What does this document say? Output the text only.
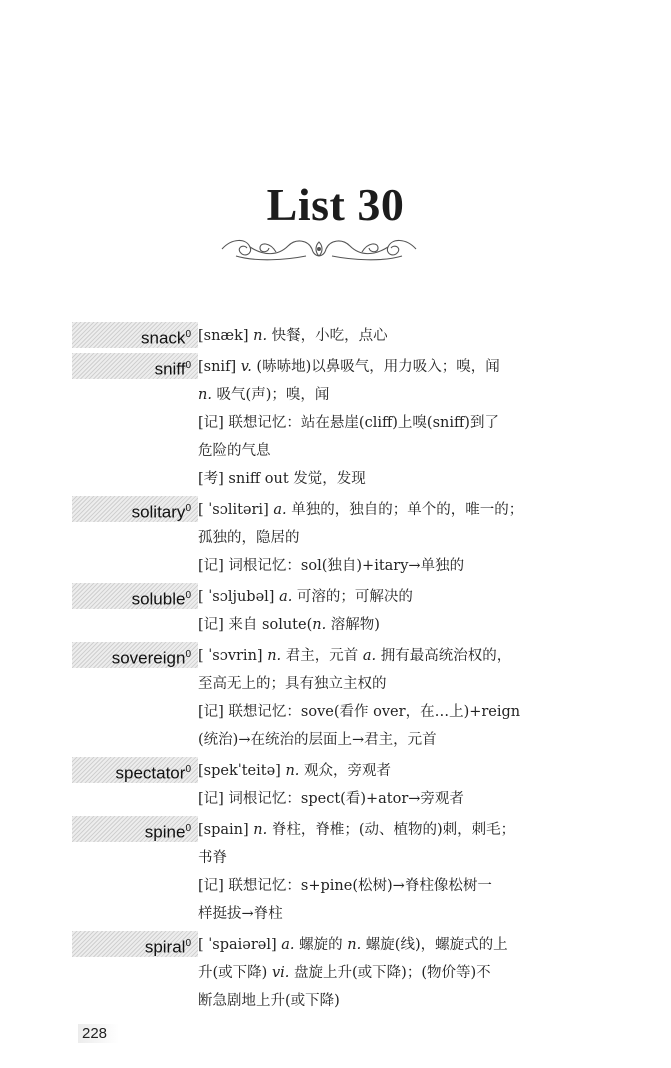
List 30
snack$^0$ [snæk] n. 快餐，小吃，点心
sniff$^0$ [snif] v. (哧哧地)以鼻吸气，用力吸入；嗅，闻
n. 吸气(声)；嗅，闻
[记] 联想记忆：站在悬崖(cliff)上嗅(sniff)到了
危险的气息
[考] sniff out 发觉，发现
solitary$^0$ [ ˈsɔlitəri] a. 单独的，独自的；单个的，唯一的；
孤独的，隐居的
[记] 词根记忆：sol(独自)+itary→单独的
soluble$^0$ [ ˈsɔljubəl] a. 可溶的；可解决的
[记] 来自 solute(n. 溶解物)
sovereign$^0$ [ ˈsɔvrin] n. 君主，元首 a. 拥有最高统治权的，
至高无上的；具有独立主权的
[记] 联想记忆：sove(看作 over，在…上)+reign
(统治)→在统治的层面上→君主，元首
spectator$^0$ [spekˈteitə] n. 观众，旁观者
[记] 词根记忆：spect(看)+ator→旁观者
spine$^0$ [spain] n. 脊柱，脊椎；(动、植物的)刺，刺毛；
书脊
[记] 联想记忆：s+pine(松树)→脊柱像松树一
样挺拔→脊柱
spiral$^0$ [ ˈspaiərəl] a. 螺旋的 n. 螺旋(线)，螺旋式的上
升(或下降) vi. 盘旋上升(或下降)；(物价等)不
断急剧地上升(或下降)
228
